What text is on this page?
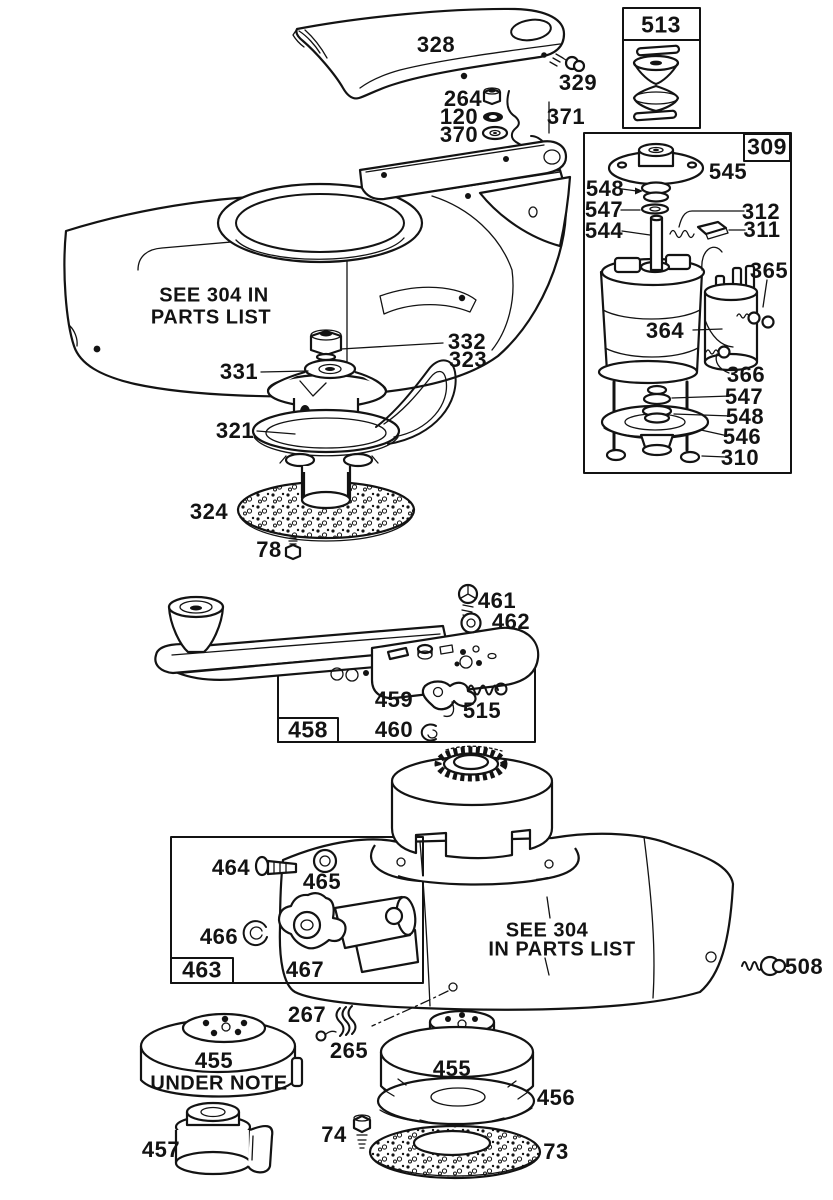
328
329
264
120
370
371
513
309
545
548
547
544
312
311
365
364
366
547
548
546
310
SEE 304 IN
PARTS LIST
332
323
331
321
324
78
461
462
459 515
460
458
464
465
466
467
463
SEE 304
IN PARTS LIST
508
267
265
455
UNDER NOTE
457
455
456
74
73
